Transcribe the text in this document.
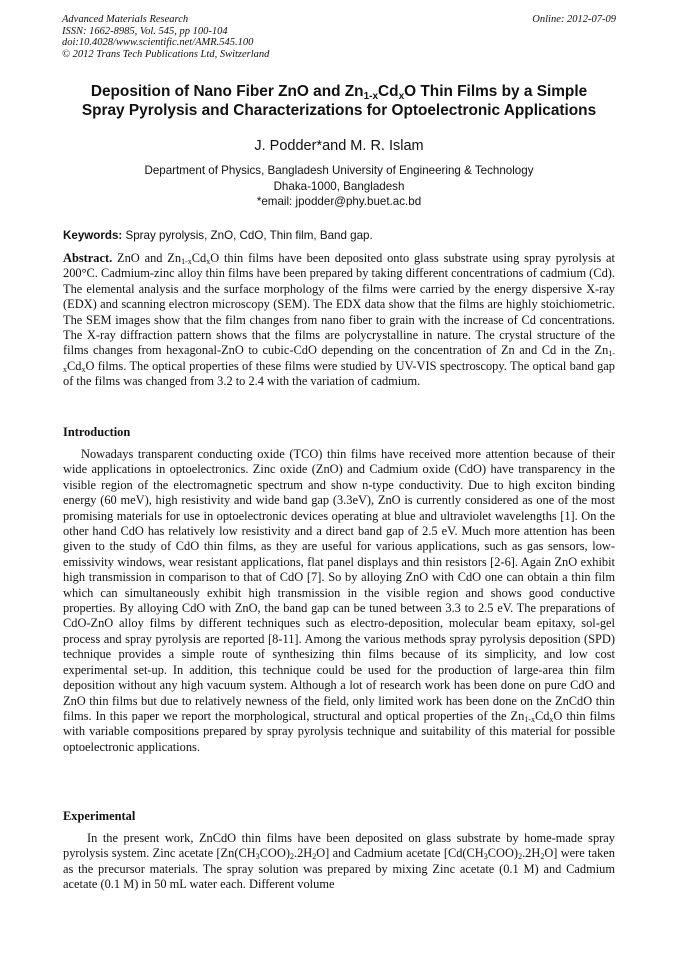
Advanced Materials Research
ISSN: 1662-8985, Vol. 545, pp 100-104
doi:10.4028/www.scientific.net/AMR.545.100
© 2012 Trans Tech Publications Ltd, Switzerland
Online: 2012-07-09
Deposition of Nano Fiber ZnO and $Zn_{1-x}Cd_xO$ Thin Films by a Simple
Spray Pyrolysis and Characterizations for Optoelectronic Applications
J. Podder*and M. R. Islam
Department of Physics, Bangladesh University of Engineering & Technology
Dhaka-1000, Bangladesh
*email: jpodder@phy.buet.ac.bd
Keywords: Spray pyrolysis, ZnO, CdO, Thin film, Band gap.
Abstract. ZnO and $Zn_{1-x}Cd_xO$ thin films have been deposited onto glass substrate using spray pyrolysis at 200°C. Cadmium-zinc alloy thin films have been prepared by taking different concentrations of cadmium (Cd). The elemental analysis and the surface morphology of the films were carried by the energy dispersive X-ray (EDX) and scanning electron microscopy (SEM). The EDX data show that the films are highly stoichiometric. The SEM images show that the film changes from nano fiber to grain with the increase of Cd concentrations. The X-ray diffraction pattern shows that the films are polycrystalline in nature. The crystal structure of the films changes from hexagonal-ZnO to cubic-CdO depending on the concentration of Zn and Cd in the $Zn_{1-x}Cd_xO$ films. The optical properties of these films were studied by UV-VIS spectroscopy. The optical band gap of the films was changed from 3.2 to 2.4 with the variation of cadmium.
Introduction
Nowadays transparent conducting oxide (TCO) thin films have received more attention because of their wide applications in optoelectronics. Zinc oxide (ZnO) and Cadmium oxide (CdO) have transparency in the visible region of the electromagnetic spectrum and show n-type conductivity. Due to high exciton binding energy (60 meV), high resistivity and wide band gap (3.3eV), ZnO is currently considered as one of the most promising materials for use in optoelectronic devices operating at blue and ultraviolet wavelengths [1]. On the other hand CdO has relatively low resistivity and a direct band gap of 2.5 eV. Much more attention has been given to the study of CdO thin films, as they are useful for various applications, such as gas sensors, low-emissivity windows, wear resistant applications, flat panel displays and thin resistors [2-6]. Again ZnO exhibit high transmission in comparison to that of CdO [7]. So by alloying ZnO with CdO one can obtain a thin film which can simultaneously exhibit high transmission in the visible region and shows good conductive properties. By alloying CdO with ZnO, the band gap can be tuned between 3.3 to 2.5 eV. The preparations of CdO-ZnO alloy films by different techniques such as electro-deposition, molecular beam epitaxy, sol-gel process and spray pyrolysis are reported [8-11]. Among the various methods spray pyrolysis deposition (SPD) technique provides a simple route of synthesizing thin films because of its simplicity, and low cost experimental set-up. In addition, this technique could be used for the production of large-area thin film deposition without any high vacuum system. Although a lot of research work has been done on pure CdO and ZnO thin films but due to relatively newness of the field, only limited work has been done on the ZnCdO thin films. In this paper we report the morphological, structural and optical properties of the $Zn_{1-x}Cd_xO$ thin films with variable compositions prepared by spray pyrolysis technique and suitability of this material for possible optoelectronic applications.
Experimental
In the present work, ZnCdO thin films have been deposited on glass substrate by home-made spray pyrolysis system. Zinc acetate $[Zn(CH_3COO)_2.2H_2O]$ and Cadmium acetate $[Cd(CH_3COO)_2.2H_2O]$ were taken as the precursor materials. The spray solution was prepared by mixing Zinc acetate (0.1 M) and Cadmium acetate (0.1 M) in 50 mL water each. Different volume
